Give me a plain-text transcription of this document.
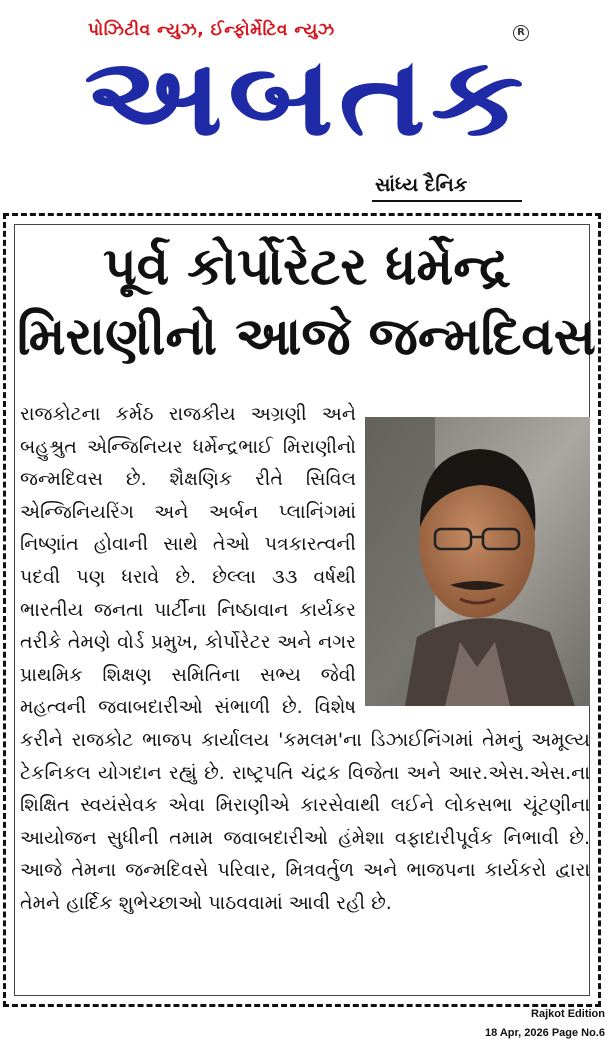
પોઝિટીવ ન્યુઝ, ઈન્ફોર્મેટિવ ન્યુઝ	R
અબતક
સાંધ્ય દૈનિક
પૂર્વ કોર્પોરેટર ધર્મેન્દ્ર
મિરાણીનો આજે જન્મદિવસ
રાજકોટના કર્મઠ રાજકીય અગ્રણી અને બહુશ્રુત એન્જિનિયર ધર્મેન્દ્રભાઈ મિરાણીનો જન્મદિવસ છે. શૈક્ષણિક રીતે સિવિલ એન્જિનિયરિંગ અને અર્બન પ્લાનિંગમાં નિષ્ણાંત હોવાની સાથે તેઓ પત્રકારત્વની પદવી પણ ધરાવે છે. છેલ્લા ૩૩ વર્ષથી ભારતીય જનતા પાર્ટીના નિષ્ઠાવાન કાર્યકર તરીકે તેમણે વોર્ડ પ્રમુખ, કોર્પોરેટર અને નગર પ્રાથમિક શિક્ષણ સમિતિના સભ્ય જેવી મહત્વની જવાબદારીઓ સંભાળી છે. વિશેષ કરીને રાજકોટ ભાજપ કાર્યાલય 'કમલમ'ના ડિઝાઈનિંગમાં તેમનું અમૂલ્ય ટેકનિકલ યોગદાન રહ્યું છે. રાષ્ટ્રપતિ ચંદ્રક વિજેતા અને આર.એસ.એસ.ના શિક્ષિત સ્વયંસેવક એવા મિરાણીએ કારસેવાથી લઈને લોકસભા ચૂંટણીના આયોજન સુધીની તમામ જવાબદારીઓ હંમેશા વફાદારીપૂર્વક નિભાવી છે. આજે તેમના જન્મદિવસે પરિવાર, મિત્રવર્તુળ અને ભાજપના કાર્યકરો દ્વારા તેમને હાર્દિક શુભેચ્છાઓ પાઠવવામાં આવી રહી છે.
Rajkot Edition
18 Apr, 2026 Page No.6
